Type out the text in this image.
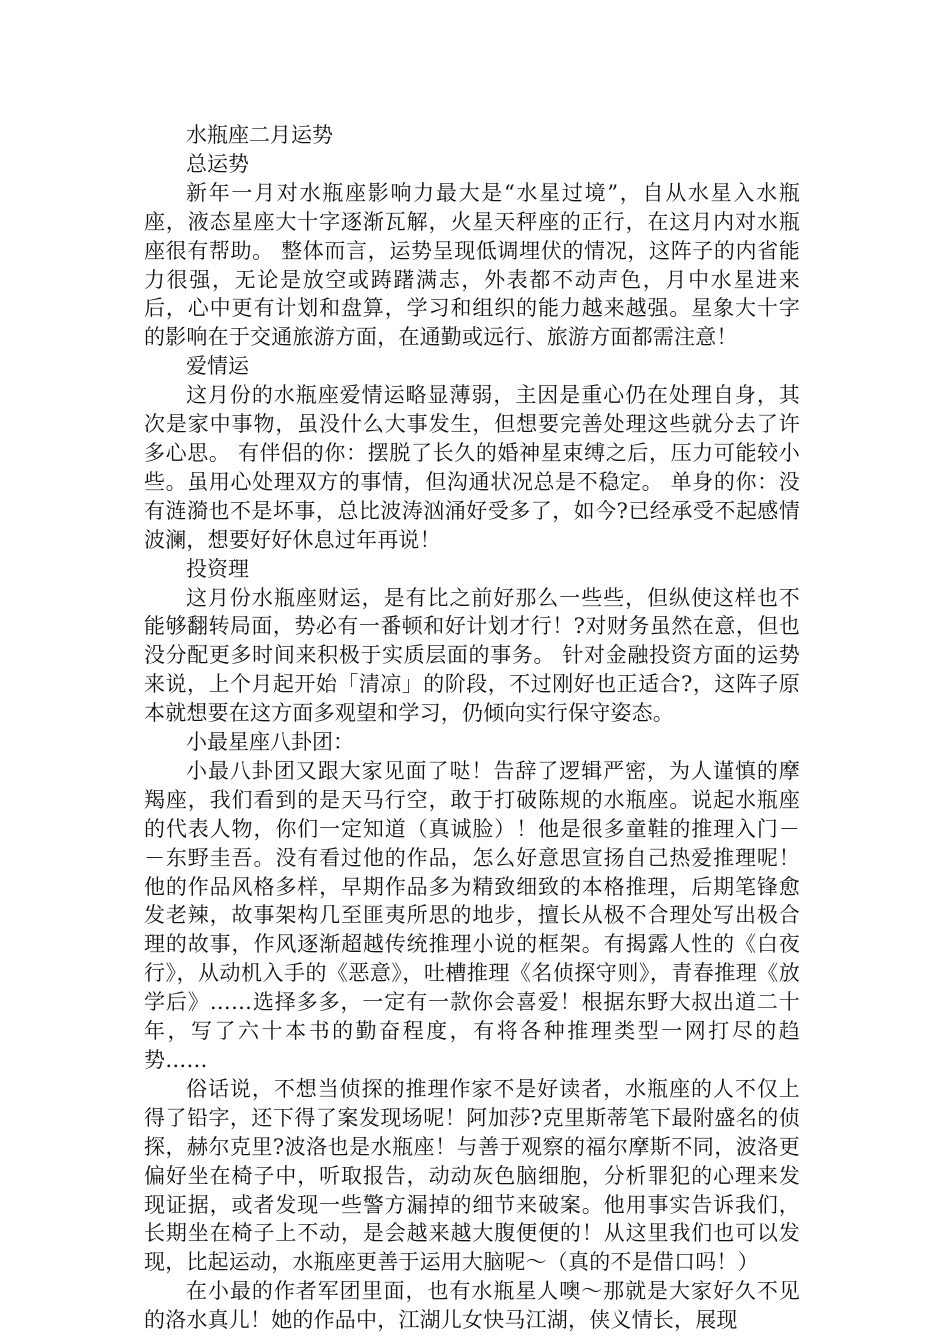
水瓶座二月运势
总运势

新年一月对水瓶座影响力最大是“水星过境”，自从水星入水瓶座，液态星座大十字逐渐瓦解，火星天秤座的正行，在这月内对水瓶座很有帮助。 整体而言，运势呈现低调埋伏的情况，这阵子的内省能力很强，无论是放空或踌躇满志，外表都不动声色，月中水星进来后，心中更有计划和盘算，学习和组织的能力越来越强。星象大十字的影响在于交通旅游方面，在通勤或远行、旅游方面都需注意！

爱情运

这月份的水瓶座爱情运略显薄弱，主因是重心仍在处理自身，其次是家中事物，虽没什么大事发生，但想要完善处理这些就分去了许多心思。 有伴侣的你：摆脱了长久的婚神星束缚之后，压力可能较小些。虽用心处理双方的事情，但沟通状况总是不稳定。 单身的你：没有涟漪也不是坏事，总比波涛汹涌好受多了，如今?已经承受不起感情波澜，想要好好休息过年再说！

投资理

这月份水瓶座财运，是有比之前好那么一些些，但纵使这样也不能够翻转局面，势必有一番顿和好计划才行！?对财务虽然在意，但也没分配更多时间来积极于实质层面的事务。 针对金融投资方面的运势来说，上个月起开始「清凉」的阶段，不过刚好也正适合?，这阵子原本就想要在这方面多观望和学习，仍倾向实行保守姿态。

小最星座八卦团：

小最八卦团又跟大家见面了哒！告辞了逻辑严密，为人谨慎的摩羯座，我们看到的是天马行空，敢于打破陈规的水瓶座。说起水瓶座的代表人物，你们一定知道（真诚脸）！他是很多童鞋的推理入门－－东野圭吾。没有看过他的作品，怎么好意思宣扬自己热爱推理呢！他的作品风格多样，早期作品多为精致细致的本格推理，后期笔锋愈发老辣，故事架构几至匪夷所思的地步，擅长从极不合理处写出极合理的故事，作风逐渐超越传统推理小说的框架。有揭露人性的《白夜行》，从动机入手的《恶意》，吐槽推理《名侦探守则》，青春推理《放学后》……选择多多，一定有一款你会喜爱！根据东野大叔出道二十年，写了六十本书的勤奋程度，有将各种推理类型一网打尽的趋势……

俗话说，不想当侦探的推理作家不是好读者，水瓶座的人不仅上得了铅字，还下得了案发现场呢！阿加莎?克里斯蒂笔下最附盛名的侦探，赫尔克里?波洛也是水瓶座！与善于观察的福尔摩斯不同，波洛更偏好坐在椅子中，听取报告，动动灰色脑细胞，分析罪犯的心理来发现证据，或者发现一些警方漏掉的细节来破案。他用事实告诉我们，长期坐在椅子上不动，是会越来越大腹便便的！从这里我们也可以发现，比起运动，水瓶座更善于运用大脑呢～（真的不是借口吗！）

在小最的作者军团里面，也有水瓶星人噢～那就是大家好久不见的洛水真儿！她的作品中，江湖儿女快马江湖，侠义情长，展现
